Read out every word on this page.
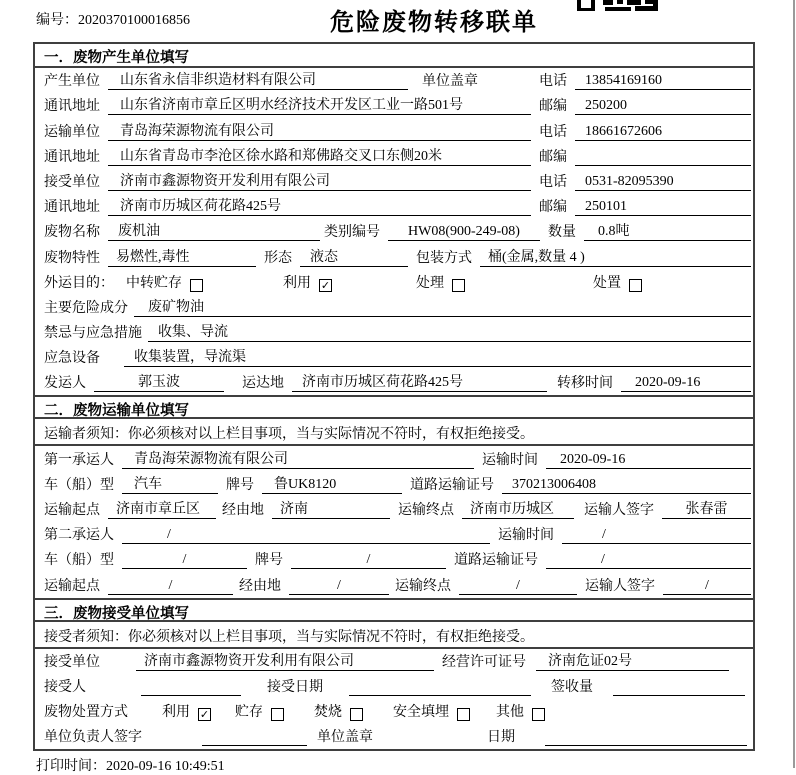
编号：2020370100016856	危险废物转移联单
一．废物产生单位填写
产生单位	山东省永信非织造材料有限公司	单位盖章	电话	13854169160
通讯地址	山东省济南市章丘区明水经济技术开发区工业一路501号	邮编	250200
运输单位	青岛海荣源物流有限公司	电话	18661672606
通讯地址	山东省青岛市李沧区徐水路和郑佛路交叉口东侧20米	邮编
接受单位	济南市鑫源物资开发利用有限公司	电话	0531-82095390
通讯地址	济南市历城区荷花路425号	邮编	250101
废物名称	废机油	类别编号	HW08(900-249-08)	数量	0.8吨
废物特性	易燃性,毒性	形态	液态	包装方式	桶(金属,数量 4 )
外运目的： 中转贮存	利用 ✓	处理	处置
主要危险成分	废矿物油
禁忌与应急措施	收集、导流
应急设备	收集装置，导流渠
发运人	郭玉波	运达地	济南市历城区荷花路425号	转移时间	2020-09-16
二．废物运输单位填写
运输者须知：你必须核对以上栏目事项，当与实际情况不符时，有权拒绝接受。
第一承运人	青岛海荣源物流有限公司	运输时间	2020-09-16
车（船）型	汽车	牌号	鲁UK8120	道路运输证号	370213006408
运输起点	济南市章丘区	经由地	济南	运输终点	济南市历城区	运输人签字	张春雷
第二承运人	/	运输时间	/
车（船）型	/	牌号	/	道路运输证号	/
运输起点	/	经由地	/	运输终点	/	运输人签字	/
三．废物接受单位填写
接受者须知：你必须核对以上栏目事项，当与实际情况不符时，有权拒绝接受。
接受单位	济南市鑫源物资开发利用有限公司	经营许可证号	济南危证02号
接受人	接受日期	签收量
废物处置方式 利用 ✓ 贮存	焚烧	安全填埋	其他
单位负责人签字	单位盖章	日期
打印时间：2020-09-16 10:49:51
